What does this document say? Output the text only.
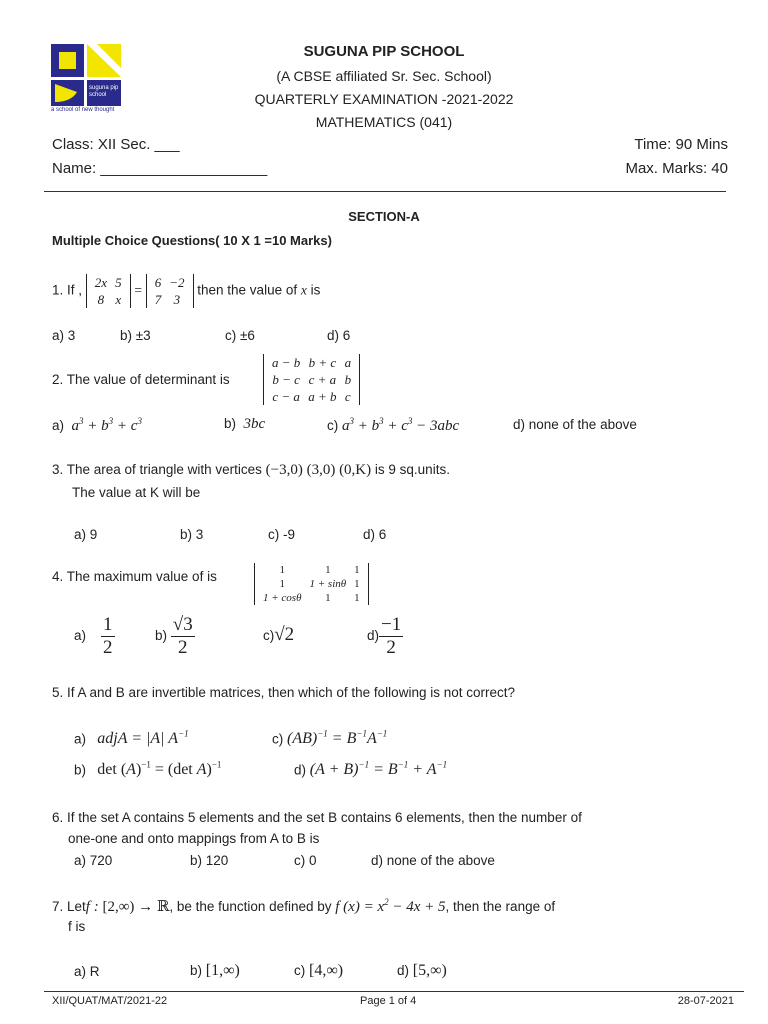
suguna pip school
a school of new thought
SUGUNA PIP SCHOOL
(A CBSE affiliated Sr. Sec. School)
QUARTERLY EXAMINATION -2021-2022
MATHEMATICS (041)
Class: XII Sec. ___
Name: ____________________
Time: 90 Mins
Max. Marks: 40
SECTION-A
Multiple Choice Questions( 10 X 1 =10 Marks)
1. If ,
2x	5
8	x
=
6	−2
7	3
then the value of x is
a) 3	b) ±3	c) ±6	d) 6
2. The value of determinant is
a − b	b + c	a
b − c	c + a	b
c − a	a + b	c
a) $a^3 + b^3 + c^3$	b) 3bc	c) $a^3 + b^3 + c^3 - 3abc$	d) none of the above
3. The area of triangle with vertices (−3,0) (3,0) (0,K) is 9 sq.units.
The value at K will be
a) 9	b) 3	c) -9	d) 6
4. The maximum value of is	1	1	1
1	1 + sinθ	1
1 + cosθ	1	1
$a) \frac{1}{2}$	$b) \frac{√3}{2}$	c)√2	$d) \frac{-1}{2}$
5. If A and B are invertible matrices, then which of the following is not correct?
a) adjA = |A| $A^{-1}$	c) $(AB)^{-1} = B^{-1}A^{-1}$
b) $\det (A)^{-1} = (\det$ A)$^{-1}$	d) $(A + B)^{-1} = B^{-1} + A^{-1}$
6. If the set A contains 5 elements and the set B contains 6 elements, then the number of
one-one and onto mappings from A to B is
a) 720	b) 120	c) 0	d) none of the above
7. Letf : [2,∞) → ℝ, be the function defined by f $(x) = x^2 - 4x + 5$, then the range of
f is
a) R	b) [1,∞)	c) [4,∞)	d) [5,∞)
XII/QUAT/MAT/2021-22	Page 1 of 4	28-07-2021
